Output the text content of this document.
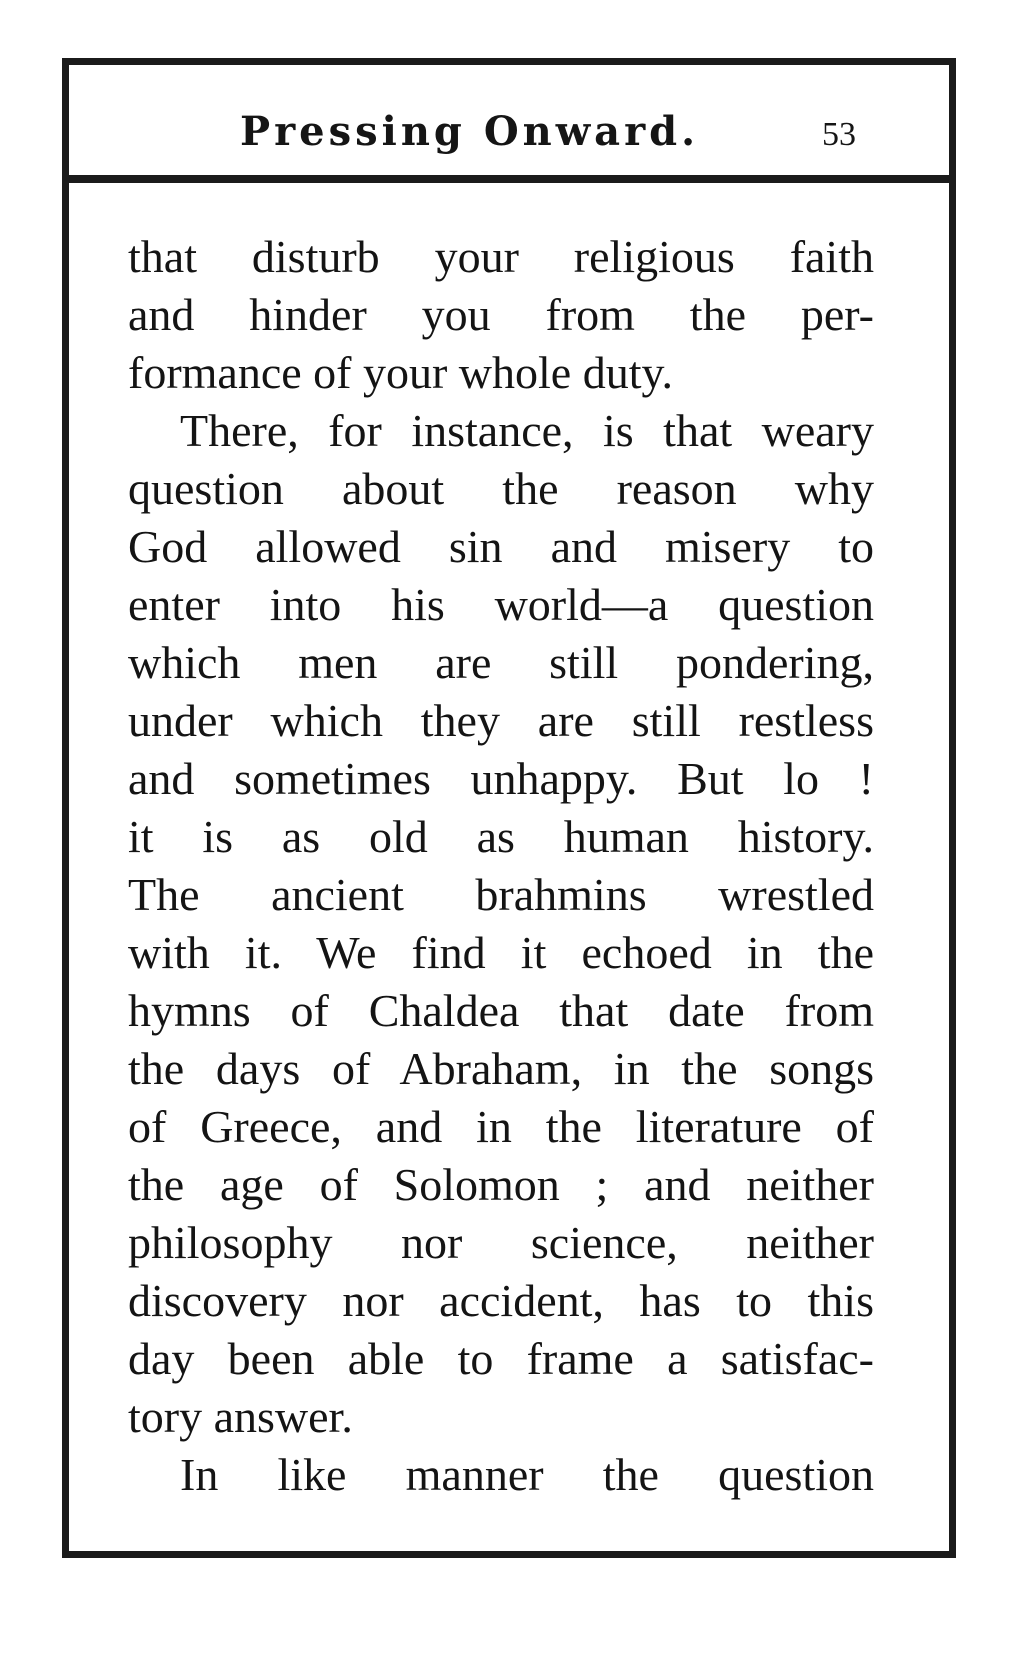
Pressing Onward.	53
that disturb your religious faith
and hinder you from the per-
formance of your whole duty.
There, for instance, is that weary
question about the reason why
God allowed sin and misery to
enter into his world—a question
which men are still pondering,
under which they are still restless
and sometimes unhappy. But lo !
it is as old as human history.
The ancient brahmins wrestled
with it. We find it echoed in the
hymns of Chaldea that date from
the days of Abraham, in the songs
of Greece, and in the literature of
the age of Solomon ; and neither
philosophy nor science, neither
discovery nor accident, has to this
day been able to frame a satisfac-
tory answer.
In like manner the question
